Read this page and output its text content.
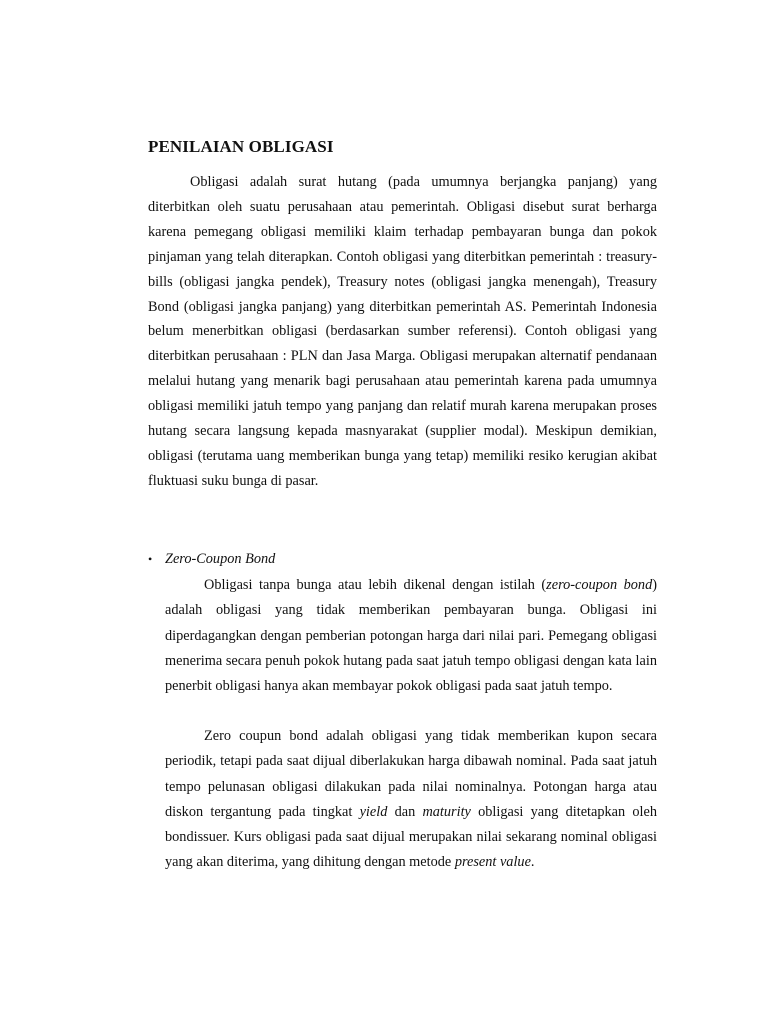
PENILAIAN OBLIGASI

Obligasi adalah surat hutang (pada umumnya berjangka panjang) yang diterbitkan oleh suatu perusahaan atau pemerintah. Obligasi disebut surat berharga karena pemegang obligasi memiliki klaim terhadap pembayaran bunga dan pokok pinjaman yang telah diterapkan. Contoh obligasi yang diterbitkan pemerintah : treasury-bills (obligasi jangka pendek), Treasury notes (obligasi jangka menengah), Treasury Bond (obligasi jangka panjang) yang diterbitkan pemerintah AS. Pemerintah Indonesia belum menerbitkan obligasi (berdasarkan sumber referensi). Contoh obligasi yang diterbitkan perusahaan : PLN dan Jasa Marga. Obligasi merupakan alternatif pendanaan melalui hutang yang menarik bagi perusahaan atau pemerintah karena pada umumnya obligasi memiliki jatuh tempo yang panjang dan relatif murah karena merupakan proses hutang secara langsung kepada masnyarakat (supplier modal). Meskipun demikian, obligasi (terutama uang memberikan bunga yang tetap) memiliki resiko kerugian akibat fluktuasi suku bunga di pasar.

• Zero-Coupon Bond

Obligasi tanpa bunga atau lebih dikenal dengan istilah (zero-coupon bond) adalah obligasi yang tidak memberikan pembayaran bunga. Obligasi ini diperdagangkan dengan pemberian potongan harga dari nilai pari. Pemegang obligasi menerima secara penuh pokok hutang pada saat jatuh tempo obligasi dengan kata lain penerbit obligasi hanya akan membayar pokok obligasi pada saat jatuh tempo.

Zero coupun bond adalah obligasi yang tidak memberikan kupon secara periodik, tetapi pada saat dijual diberlakukan harga dibawah nominal. Pada saat jatuh tempo pelunasan obligasi dilakukan pada nilai nominalnya. Potongan harga atau diskon tergantung pada tingkat yield dan maturity obligasi yang ditetapkan oleh bondissuer. Kurs obligasi pada saat dijual merupakan nilai sekarang nominal obligasi yang akan diterima, yang dihitung dengan metode present value.
